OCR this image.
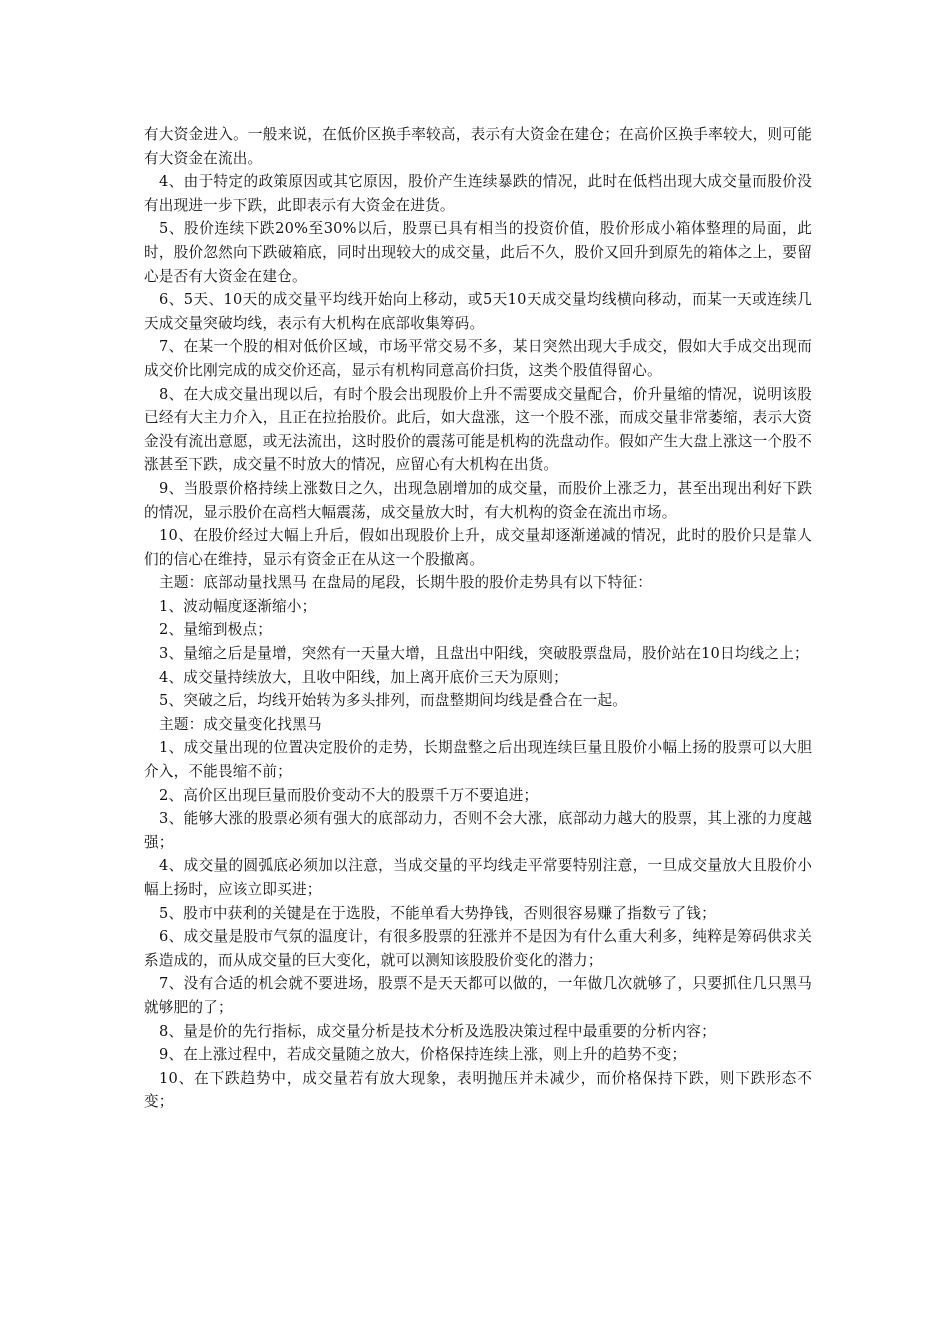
有大资金进入。一般来说，在低价区换手率较高，表示有大资金在建仓；在高价区换手率较大，则可能有大资金在流出。

4、由于特定的政策原因或其它原因，股价产生连续暴跌的情况，此时在低档出现大成交量而股价没有出现进一步下跌，此即表示有大资金在进货。

5、股价连续下跌20%至30%以后，股票已具有相当的投资价值，股价形成小箱体整理的局面，此时，股价忽然向下跌破箱底，同时出现较大的成交量，此后不久，股价又回升到原先的箱体之上，要留心是否有大资金在建仓。

6、5天、10天的成交量平均线开始向上移动，或5天10天成交量均线横向移动，而某一天或连续几天成交量突破均线，表示有大机构在底部收集筹码。

7、在某一个股的相对低价区域，市场平常交易不多，某日突然出现大手成交，假如大手成交出现而成交价比刚完成的成交价还高，显示有机构同意高价扫货，这类个股值得留心。

8、在大成交量出现以后，有时个股会出现股价上升不需要成交量配合，价升量缩的情况，说明该股已经有大主力介入，且正在拉抬股价。此后，如大盘涨，这一个股不涨，而成交量非常萎缩，表示大资金没有流出意愿，或无法流出，这时股价的震荡可能是机构的洗盘动作。假如产生大盘上涨这一个股不涨甚至下跌，成交量不时放大的情况，应留心有大机构在出货。

9、当股票价格持续上涨数日之久，出现急剧增加的成交量，而股价上涨乏力，甚至出现出利好下跌的情况，显示股价在高档大幅震荡，成交量放大时，有大机构的资金在流出市场。

10、在股价经过大幅上升后，假如出现股价上升，成交量却逐渐递减的情况，此时的股价只是靠人们的信心在维持，显示有资金正在从这一个股撤离。

主题：底部动量找黑马 在盘局的尾段，长期牛股的股价走势具有以下特征：

1、波动幅度逐渐缩小；

2、量缩到极点；

3、量缩之后是量增，突然有一天量大增，且盘出中阳线，突破股票盘局，股价站在10日均线之上；

4、成交量持续放大，且收中阳线，加上离开底价三天为原则；

5、突破之后，均线开始转为多头排列，而盘整期间均线是叠合在一起。

主题：成交量变化找黑马

1、成交量出现的位置决定股价的走势，长期盘整之后出现连续巨量且股价小幅上扬的股票可以大胆介入，不能畏缩不前；

2、高价区出现巨量而股价变动不大的股票千万不要追进；

3、能够大涨的股票必须有强大的底部动力，否则不会大涨，底部动力越大的股票，其上涨的力度越强；

4、成交量的圆弧底必须加以注意，当成交量的平均线走平常要特别注意，一旦成交量放大且股价小幅上扬时，应该立即买进；

5、股市中获利的关键是在于选股，不能单看大势挣钱，否则很容易赚了指数亏了钱；

6、成交量是股市气氛的温度计，有很多股票的狂涨并不是因为有什么重大利多，纯粹是筹码供求关系造成的，而从成交量的巨大变化，就可以测知该股股价变化的潜力；

7、没有合适的机会就不要进场，股票不是天天都可以做的，一年做几次就够了，只要抓住几只黑马就够肥的了；

8、量是价的先行指标，成交量分析是技术分析及选股决策过程中最重要的分析内容；

9、在上涨过程中，若成交量随之放大，价格保持连续上涨，则上升的趋势不变；

10、在下跌趋势中，成交量若有放大现象，表明抛压并未减少，而价格保持下跌，则下跌形态不变；
